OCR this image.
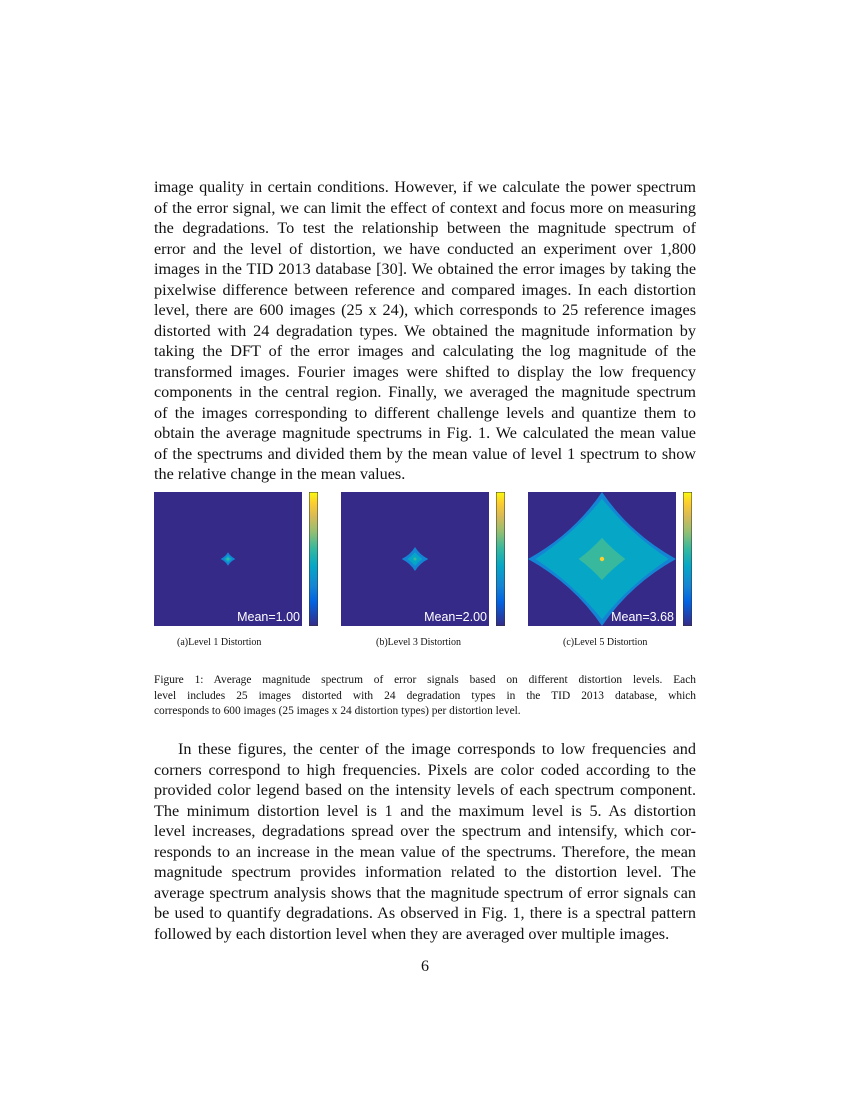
image quality in certain conditions. However, if we calculate the power spectrum
of the error signal, we can limit the effect of context and focus more on measuring
the degradations. To test the relationship between the magnitude spectrum of
error and the level of distortion, we have conducted an experiment over 1,800
images in the TID 2013 database [30]. We obtained the error images by taking the
pixelwise difference between reference and compared images. In each distortion
level, there are 600 images (25 x 24), which corresponds to 25 reference images
distorted with 24 degradation types. We obtained the magnitude information by
taking the DFT of the error images and calculating the log magnitude of the
transformed images. Fourier images were shifted to display the low frequency
components in the central region. Finally, we averaged the magnitude spectrum
of the images corresponding to different challenge levels and quantize them to
obtain the average magnitude spectrums in Fig. 1. We calculated the mean value
of the spectrums and divided them by the mean value of level 1 spectrum to show
the relative change in the mean values.
Mean=1.00	Mean=2.00	Mean=3.68
(a)Level 1 Distortion	(b)Level 3 Distortion	(c)Level 5 Distortion
Figure 1: Average magnitude spectrum of error signals based on different distortion levels. Each
level includes 25 images distorted with 24 degradation types in the TID 2013 database, which
corresponds to 600 images (25 images x 24 distortion types) per distortion level.
In these figures, the center of the image corresponds to low frequencies and
corners correspond to high frequencies. Pixels are color coded according to the
provided color legend based on the intensity levels of each spectrum component.
The minimum distortion level is 1 and the maximum level is 5. As distortion
level increases, degradations spread over the spectrum and intensify, which cor-
responds to an increase in the mean value of the spectrums. Therefore, the mean
magnitude spectrum provides information related to the distortion level. The
average spectrum analysis shows that the magnitude spectrum of error signals can
be used to quantify degradations. As observed in Fig. 1, there is a spectral pattern
followed by each distortion level when they are averaged over multiple images.
6
